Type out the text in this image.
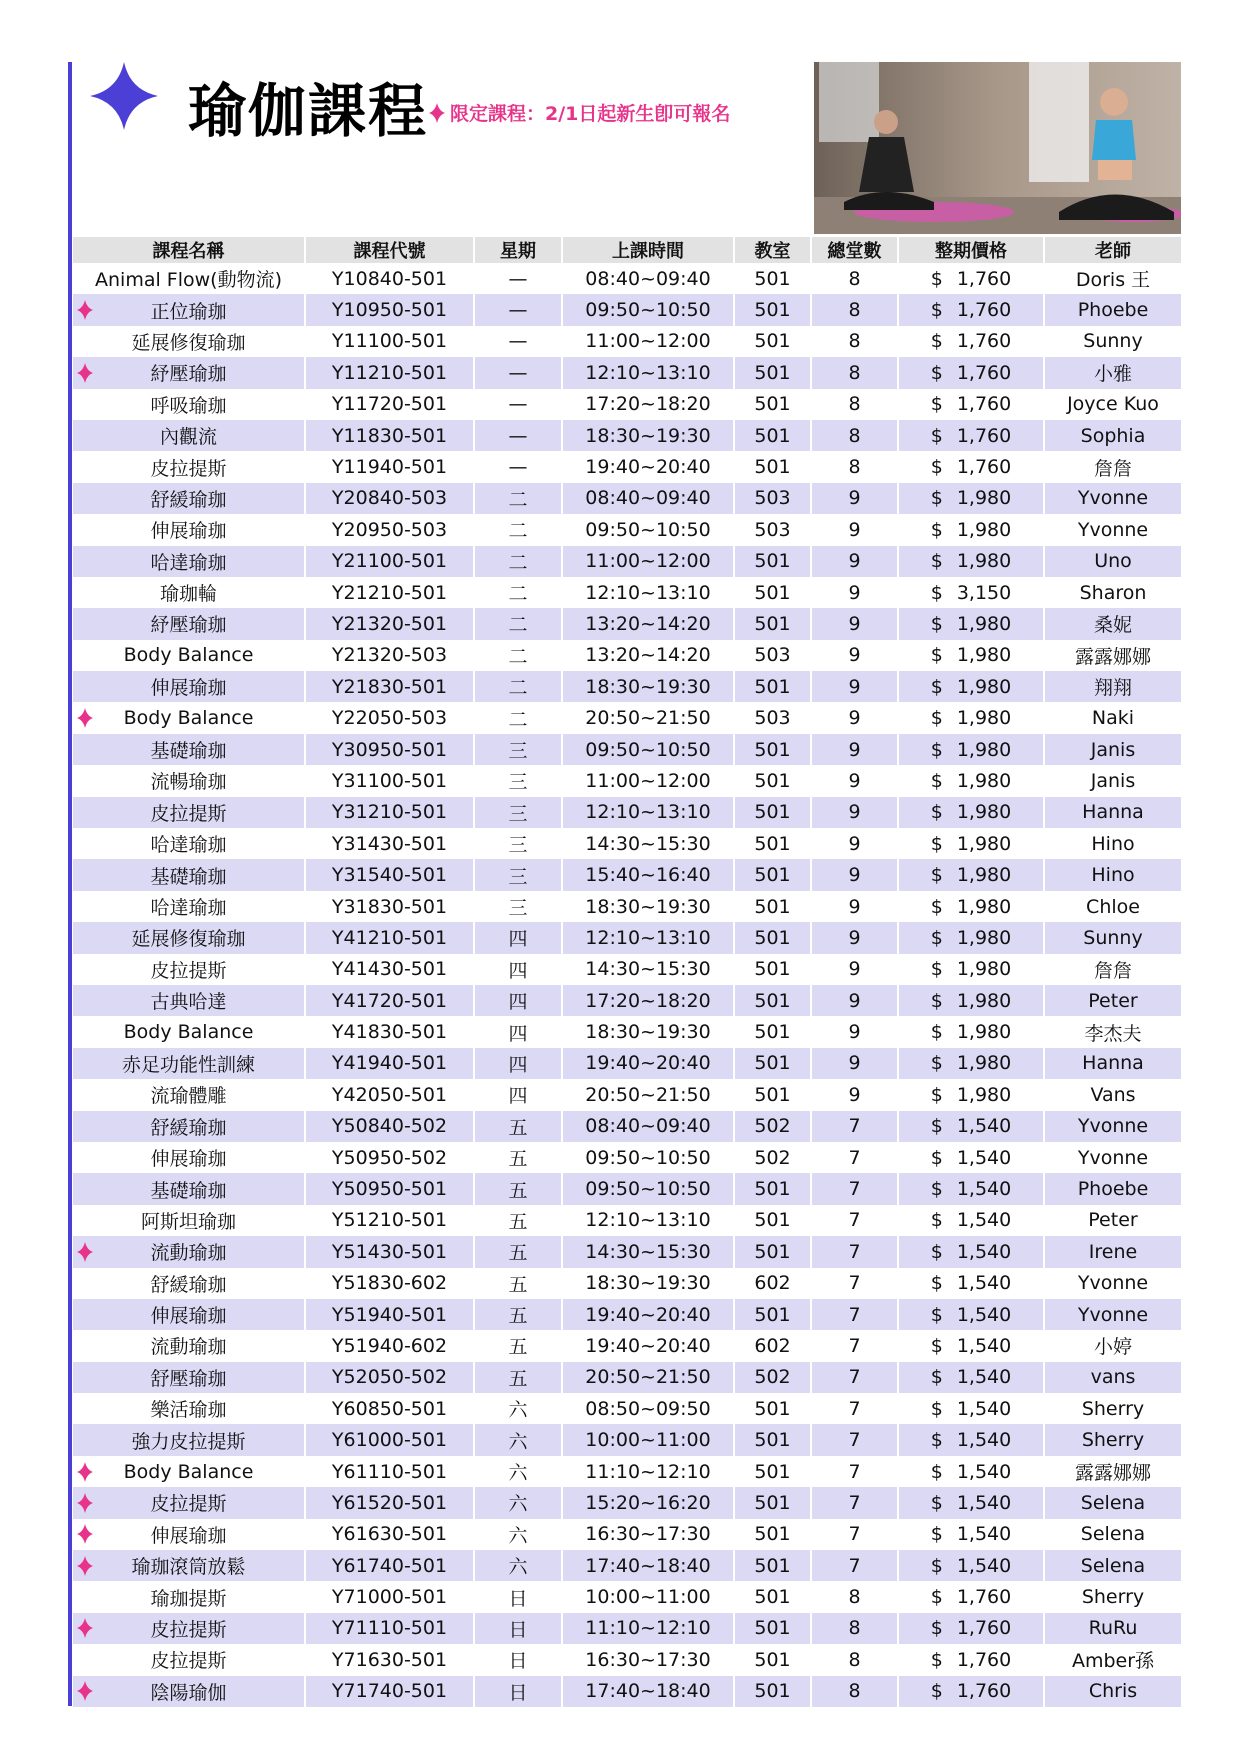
瑜伽課程 限定課程：2/1日起新生卽可報名
課程名稱	課程代號	星期	上課時間	教室	總堂數	整期價格	老師
Animal Flow(動物流)	Y10840-501	—	08:40~09:40	501	8	$ 1,760	Doris 王

正位瑜珈	Y10950-501	—	09:50~10:50	501	8	$ 1,760	Phoebe
延展修復瑜珈	Y11100-501	—	11:00~12:00	501	8	$ 1,760	Sunny

紓壓瑜珈	Y11210-501	—	12:10~13:10	501	8	$ 1,760	小雅
呼吸瑜珈	Y11720-501	—	17:20~18:20	501	8	$ 1,760	Joyce Kuo
內觀流	Y11830-501	—	18:30~19:30	501	8	$ 1,760	Sophia
皮拉提斯	Y11940-501	—	19:40~20:40	501	8	$ 1,760	詹詹
舒緩瑜珈	Y20840-503	二	08:40~09:40	503	9	$ 1,980	Yvonne
伸展瑜珈	Y20950-503	二	09:50~10:50	503	9	$ 1,980	Yvonne
哈達瑜珈	Y21100-501	二	11:00~12:00	501	9	$ 1,980	Uno
瑜珈輪	Y21210-501	二	12:10~13:10	501	9	$ 3,150	Sharon
紓壓瑜珈	Y21320-501	二	13:20~14:20	501	9	$ 1,980	桑妮
Body Balance	Y21320-503	二	13:20~14:20	503	9	$ 1,980	露露娜娜
伸展瑜珈	Y21830-501	二	18:30~19:30	501	9	$ 1,980	翔翔

Body Balance	Y22050-503	二	20:50~21:50	503	9	$ 1,980	Naki
基礎瑜珈	Y30950-501	三	09:50~10:50	501	9	$ 1,980	Janis
流暢瑜珈	Y31100-501	三	11:00~12:00	501	9	$ 1,980	Janis
皮拉提斯	Y31210-501	三	12:10~13:10	501	9	$ 1,980	Hanna
哈達瑜珈	Y31430-501	三	14:30~15:30	501	9	$ 1,980	Hino
基礎瑜珈	Y31540-501	三	15:40~16:40	501	9	$ 1,980	Hino
哈達瑜珈	Y31830-501	三	18:30~19:30	501	9	$ 1,980	Chloe
延展修復瑜珈	Y41210-501	四	12:10~13:10	501	9	$ 1,980	Sunny
皮拉提斯	Y41430-501	四	14:30~15:30	501	9	$ 1,980	詹詹
古典哈達	Y41720-501	四	17:20~18:20	501	9	$ 1,980	Peter
Body Balance	Y41830-501	四	18:30~19:30	501	9	$ 1,980	李杰夫
赤足功能性訓練	Y41940-501	四	19:40~20:40	501	9	$ 1,980	Hanna
流瑜體雕	Y42050-501	四	20:50~21:50	501	9	$ 1,980	Vans
舒緩瑜珈	Y50840-502	五	08:40~09:40	502	7	$ 1,540	Yvonne
伸展瑜珈	Y50950-502	五	09:50~10:50	502	7	$ 1,540	Yvonne
基礎瑜珈	Y50950-501	五	09:50~10:50	501	7	$ 1,540	Phoebe
阿斯坦瑜珈	Y51210-501	五	12:10~13:10	501	7	$ 1,540	Peter

流動瑜珈	Y51430-501	五	14:30~15:30	501	7	$ 1,540	Irene
舒緩瑜珈	Y51830-602	五	18:30~19:30	602	7	$ 1,540	Yvonne
伸展瑜珈	Y51940-501	五	19:40~20:40	501	7	$ 1,540	Yvonne
流動瑜珈	Y51940-602	五	19:40~20:40	602	7	$ 1,540	小婷
舒壓瑜珈	Y52050-502	五	20:50~21:50	502	7	$ 1,540	vans
樂活瑜珈	Y60850-501	六	08:50~09:50	501	7	$ 1,540	Sherry
強力皮拉提斯	Y61000-501	六	10:00~11:00	501	7	$ 1,540	Sherry

Body Balance	Y61110-501	六	11:10~12:10	501	7	$ 1,540	露露娜娜

皮拉提斯	Y61520-501	六	15:20~16:20	501	7	$ 1,540	Selena

伸展瑜珈	Y61630-501	六	16:30~17:30	501	7	$ 1,540	Selena

瑜珈滾筒放鬆	Y61740-501	六	17:40~18:40	501	7	$ 1,540	Selena
瑜珈提斯	Y71000-501	日	10:00~11:00	501	8	$ 1,760	Sherry

皮拉提斯	Y71110-501	日	11:10~12:10	501	8	$ 1,760	RuRu
皮拉提斯	Y71630-501	日	16:30~17:30	501	8	$ 1,760	Amber孫

陰陽瑜伽	Y71740-501	日	17:40~18:40	501	8	$ 1,760	Chris
